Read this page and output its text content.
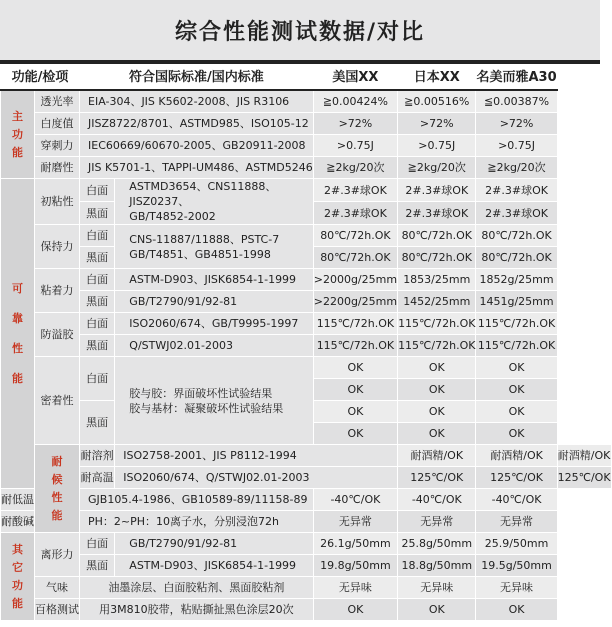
综合性能测试数据/对比
功能/检项		符合国际标准/国内标准		美国XX	日本XX	名美而雅A30	

主功能	透光率	EIA-304、JIS K5602-2008、JIS R3106		≧0.00424%	≧0.00516%	≦0.00387%	
	白度值	JISZ8722/8701、ASTMD985、ISO105-12		>72%	>72%	>72%	
	穿刺力	IEC60669/60670-2005、GB20911-2008		>0.75J	>0.75J	>0.75J	
	耐磨性	JIS K5701-1、TAPPI-UM486、ASTMD5246		≧2kg/20次	≧2kg/20次	≧2kg/20次	

可靠性能	初粘性	白面	ASTMD3654、CNS11888、JISZ0237、
GB/T4852-2002	2#.3#球OK	2#.3#球OK	2#.3#球OK	
		黑面		2#.3#球OK	2#.3#球OK	2#.3#球OK	
	保持力	白面	CNS-11887/11888、PSTC-7
GB/T4851、GB4851-1998	80℃/72h.OK	80℃/72h.OK	80℃/72h.OK	
		黑面		80℃/72h.OK	80℃/72h.OK	80℃/72h.OK	
	粘着力	白面	ASTM-D903、JISK6854-1-1999	>2000g/25mm	1853/25mm	1852g/25mm	
		黑面	GB/T2790/91/92-81	>2200g/25mm	1452/25mm	1451g/25mm	
	防溢胶	白面	ISO2060/674、GB/T9995-1997	115℃/72h.OK	115℃/72h.OK	115℃/72h.OK	
		黑面	Q/STWJ02.01-2003	115℃/72h.OK	115℃/72h.OK	115℃/72h.OK	
	密着性	白面	胶与胶：界面破坏性试验结果
胶与基材：凝聚破坏性试验结果	OK	OK	OK	
				OK	OK	OK	
		黑面		OK	OK	OK	
				OK	OK	OK	

	耐候性能	耐溶剂	ISO2758-2001、JIS P8112-1994		耐酒精/OK	耐酒精/OK	耐酒精/OK
		耐高温	ISO2060/674、Q/STWJ02.01-2003		125℃/OK	125℃/OK	125℃/OK
耐低温		GJB105.4-1986、GB10589-89/11158-89		-40℃/OK	-40℃/OK	-40℃/OK	
耐酸碱		PH：2~PH：10离子水，分别浸泡72h		无异常	无异常	无异常	

其它功能	离形力	白面	GB/T2790/91/92-81	26.1g/50mm	25.8g/50mm	25.9/50mm	
		黑面	ASTM-D903、JISK6854-1-1999	19.8g/50mm	18.8g/50mm	19.5g/50mm	
	气味	油墨涂层、白面胶粘剂、黑面胶粘剂		无异味	无异味	无异味	
	百格测试	用3M810胶带，粘贴撕扯黑色涂层20次		OK	OK	OK	
